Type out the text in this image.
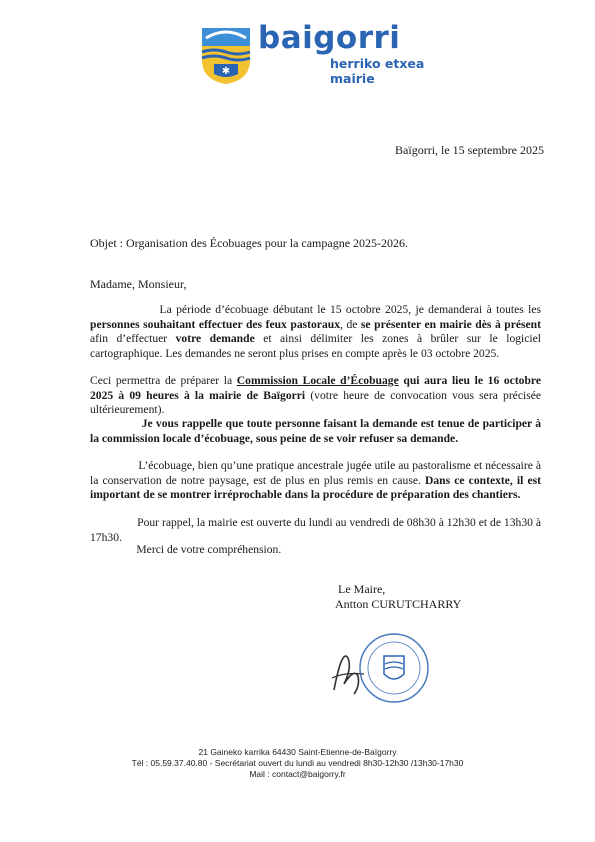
✱
baigorri
herriko etxea
mairie
Baïgorri, le 15 septembre 2025
Objet : Organisation des Écobuages pour la campagne 2025-2026.
Madame, Monsieur,

La période d’écobuage débutant le 15 octobre 2025, je demanderai à toutes les personnes souhaitant effectuer des feux pastoraux, de se présenter en mairie dès à présent afin d’effectuer votre demande et ainsi délimiter les zones à brûler sur le logiciel cartographique. Les demandes ne seront plus prises en compte après le 03 octobre 2025.

Ceci permettra de préparer la Commission Locale d’Écobuage qui aura lieu le 16 octobre 2025 à 09 heures à la mairie de Baïgorri (votre heure de convocation vous sera précisée ultérieurement).

Je vous rappelle que toute personne faisant la demande est tenue de participer à la commission locale d’écobuage, sous peine de se voir refuser sa demande.

L’écobuage, bien qu’une pratique ancestrale jugée utile au pastoralisme et nécessaire à la conservation de notre paysage, est de plus en plus remis en cause. Dans ce contexte, il est important de se montrer irréprochable dans la procédure de préparation des chantiers.

Pour rappel, la mairie est ouverte du lundi au vendredi de 08h30 à 12h30 et de 13h30 à 17h30.

Merci de votre compréhension.

Le Maire,
Antton CURUTCHARRY
21 Gaineko karrika 64430 Saint-Etienne-de-Baïgorry
Tél : 05.59.37.40.80 - Secrétariat ouvert du lundi au vendredi 8h30-12h30 /13h30-17h30
Mail : contact@baigorry.fr
